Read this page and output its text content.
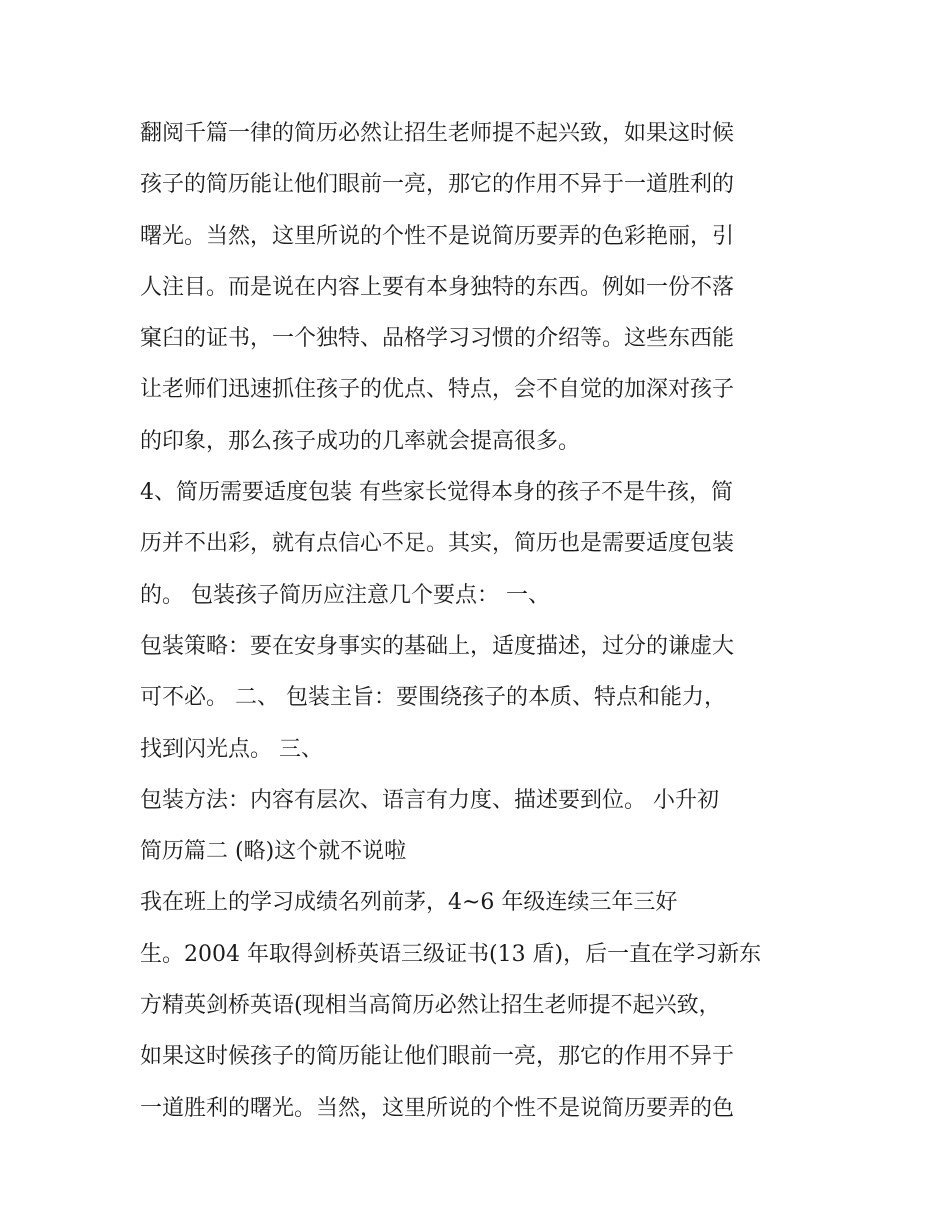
翻阅千篇一律的简历必然让招生老师提不起兴致，如果这时候
孩子的简历能让他们眼前一亮，那它的作用不异于一道胜利的
曙光。当然，这里所说的个性不是说简历要弄的色彩艳丽，引
人注目。而是说在内容上要有本身独特的东西。例如一份不落
窠臼的证书，一个独特、品格学习习惯的介绍等。这些东西能
让老师们迅速抓住孩子的优点、特点，会不自觉的加深对孩子
的印象，那么孩子成功的几率就会提高很多。
4、简历需要适度包装 有些家长觉得本身的孩子不是牛孩，简
历并不出彩，就有点信心不足。其实，简历也是需要适度包装
的。 包装孩子简历应注意几个要点： 一、
包装策略：要在安身事实的基础上，适度描述，过分的谦虚大
可不必。 二、 包装主旨：要围绕孩子的本质、特点和能力，
找到闪光点。 三、
包装方法：内容有层次、语言有力度、描述要到位。 小升初
简历篇二 (略)这个就不说啦
我在班上的学习成绩名列前茅，4~6 年级连续三年三好
生。2004 年取得剑桥英语三级证书(13 盾)，后一直在学习新东
方精英剑桥英语(现相当高简历必然让招生老师提不起兴致，
如果这时候孩子的简历能让他们眼前一亮，那它的作用不异于
一道胜利的曙光。当然，这里所说的个性不是说简历要弄的色
